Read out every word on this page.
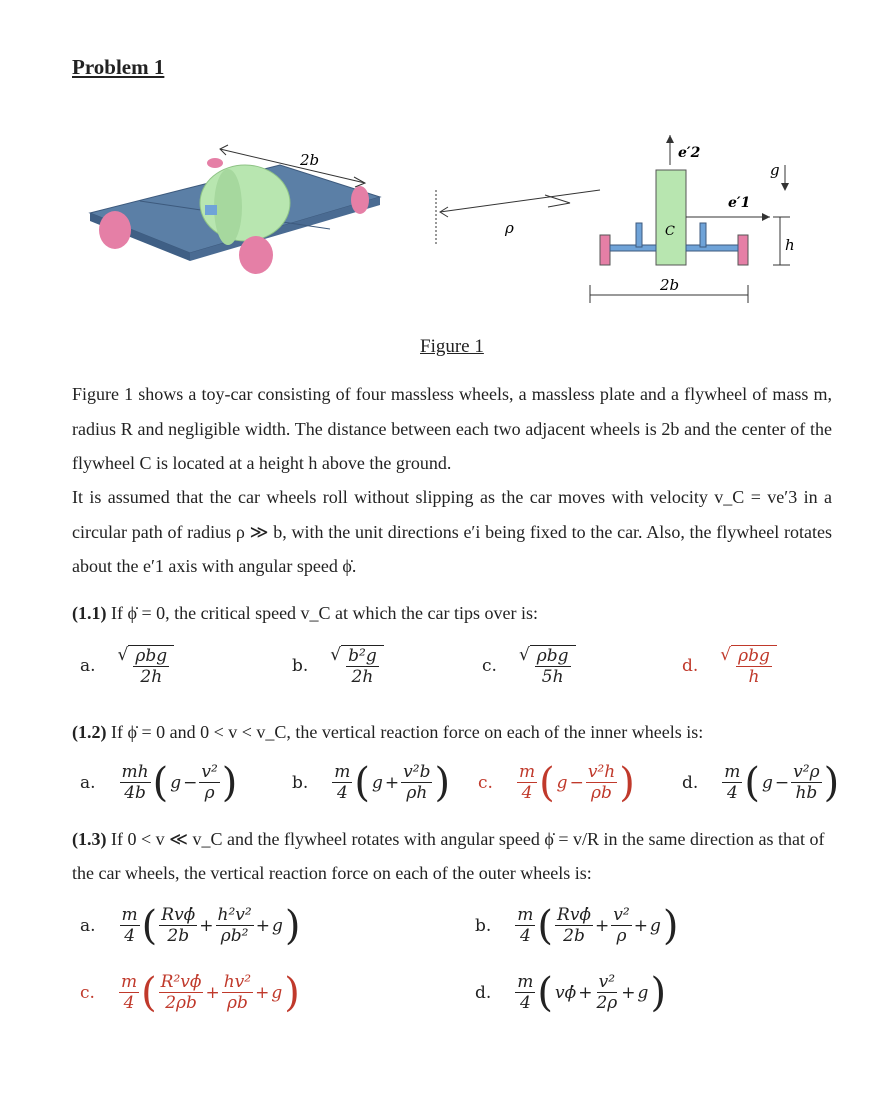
Problem 1
2b
ρ
e′2
C
e′1
g
h
2b
Figure 1
Figure 1 shows a toy-car consisting of four massless wheels, a massless plate and a flywheel of mass m, radius R and negligible width. The distance between each two adjacent wheels is 2b and the center of the flywheel C is located at a height h above the ground.
It is assumed that the car wheels roll without slipping as the car moves with velocity v_C = ve′3 in a circular path of radius ρ ≫ b, with the unit directions e′i being fixed to the car. Also, the flywheel rotates about the e′1 axis with angular speed ϕ̇.
(1.1) If ϕ̇ = 0, the critical speed v_C at which the car tips over is:
(1.2) If ϕ̇ = 0 and 0 < v < v_C, the vertical reaction force on each of the inner wheels is:
(1.3) If 0 < v ≪ v_C and the flywheel rotates with angular speed ϕ̇ = v/R in the same direction as that of the car wheels, the vertical reaction force on each of the outer wheels is:
a.
√ $\frac{\text{ρbg}}{2h}$	b.
√ $\frac{\text{b²g}}{2h}$	c.
√ $\frac{\text{ρbg}}{5h}$	d.
√ $\frac{\text{ρbg}}{h}$
a. $\frac{mh}{4b}$ ( $g - \frac{\text{v²}}{\rho}$ )	b. $\frac{m}{4}$ ( $g + \frac{\text{v²b}}{\rho h}$ ) c. $\frac{m}{4}$ ( $g - \frac{\text{v²h}}{\rho b}$ )	d. $\frac{m}{4}$ ( $g - \frac{\text{v²ρ}}{hb}$ )
a. $\frac{m}{4}$ ( $\frac{\text{Rvϕ̇}}{2b} + \frac{\text{h²v²}}{\text{ρb²}} + g$ )	b. $\frac{m}{4}$ ( $\frac{\text{Rvϕ̇}}{2b} + \frac{\text{v²}}{\rho} + g$ )
c. $\frac{m}{4}$ ( $\frac{\text{R²vϕ̇}}{2\rho b} + \frac{\text{hv²}}{\rho b} + g$ )	d. $\frac{m}{4}$ ( vϕ̇ + $\frac{\text{v²}}{2\rho} + g$ )
